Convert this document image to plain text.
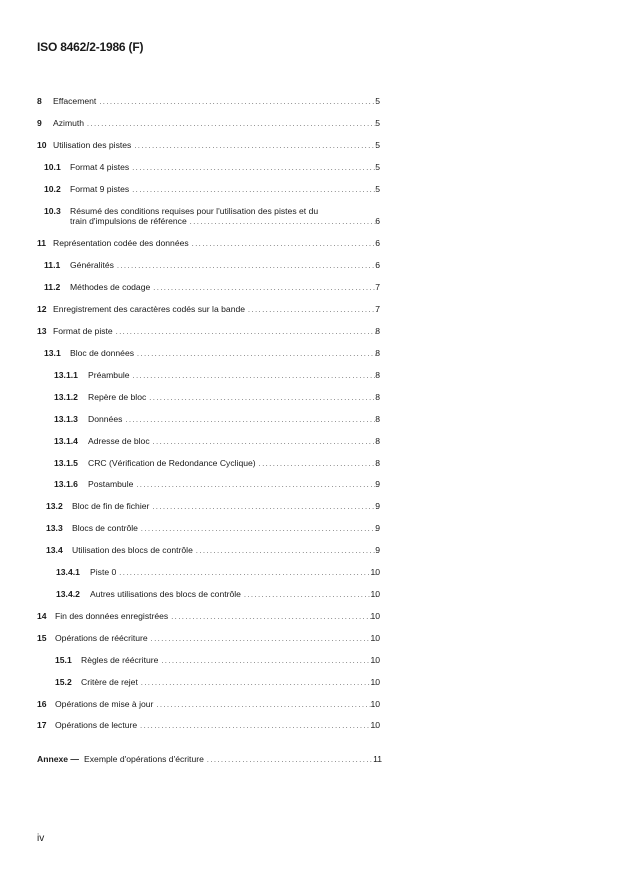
ISO 8462/2-1986 (F)
8	Effacement .....	5
9	Azimuth .....	5
10 Utilisation des pistes .....	5
10.1	Format 4 pistes .....	5
10.2	Format 9 pistes .....	5
10.3 Résumé des conditions requises pour l'utilisation des pistes et du
train d'impulsions de référence .....	6
11 Représentation codée des données .....	6
11.1	Généralités .....	6
11.2	Méthodes de codage .....	7
12 Enregistrement des caractères codés sur la bande .....	7
13 Format de piste .....	8
13.1	Bloc de données .....	8
13.1.1	Préambule .....	8
13.1.2	Repère de bloc .....	8
13.1.3	Données .....	8
13.1.4	Adresse de bloc .....	8
13.1.5	CRC (Vérification de Redondance Cyclique) .....	8
13.1.6	Postambule .....	9
13.2	Bloc de fin de fichier .....	9
13.3	Blocs de contrôle .....	9
13.4	Utilisation des blocs de contrôle .....	9
13.4.1	Piste 0 .....	10
13.4.2	Autres utilisations des blocs de contrôle .....	10
14 Fin des données enregistrées .....	10
15 Opérations de réécriture .....	10
15.1	Règles de réécriture .....	10
15.2	Critère de rejet .....	10
16 Opérations de mise à jour .....	10
17 Opérations de lecture .....	10
Annexe — Exemple d'opérations d'écriture .....	11
iv
